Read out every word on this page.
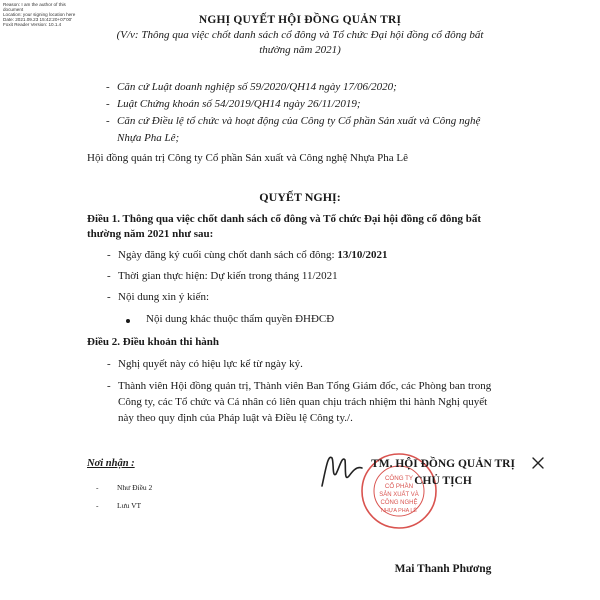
Reason: I am the author of this
document
Location: your signing location here
Date: 2021.09.23 15:42:20+07'00'
Foxit Reader Version: 10.1.4	NGHỊ QUYẾT HỘI ĐỒNG QUẢN TRỊ
(V/v: Thông qua việc chốt danh sách cổ đông và Tổ chức Đại hội đồng cổ đông bất
thường năm 2021)
- Căn cứ Luật doanh nghiệp số 59/2020/QH14 ngày 17/06/2020;
- Luật Chứng khoán số 54/2019/QH14 ngày 26/11/2019;
- Căn cứ Điều lệ tổ chức và hoạt động của Công ty Cổ phần Sản xuất và Công nghệ
Nhựa Pha Lê;
Hội đồng quản trị Công ty Cổ phần Sản xuất và Công nghệ Nhựa Pha Lê
QUYẾT NGHỊ:
Điều 1. Thông qua việc chốt danh sách cổ đông và Tổ chức Đại hội đồng cổ đông bất
thường năm 2021 như sau:
- Ngày đăng ký cuối cùng chốt danh sách cổ đông: 13/10/2021
- Thời gian thực hiện: Dự kiến trong tháng 11/2021
- Nội dung xin ý kiến:
Nội dung khác thuộc thẩm quyền ĐHĐCĐ
Điều 2. Điều khoản thi hành
- Nghị quyết này có hiệu lực kể từ ngày ký.
- Thành viên Hội đồng quản trị, Thành viên Ban Tổng Giám đốc, các Phòng ban trong
Công ty, các Tổ chức và Cá nhân có liên quan chịu trách nhiệm thi hành Nghị quyết
này theo quy định của Pháp luật và Điều lệ Công ty./.
Nơi nhận :
- Như Điều 2
- Lưu VT
CÔNG TY
CỔ PHẦN
SẢN XUẤT VÀ
CÔNG NGHỆ
NHỰA PHA LÊ
TM. HỘI ĐỒNG QUẢN TRỊ
CHỦ TỊCH
Mai Thanh Phương
